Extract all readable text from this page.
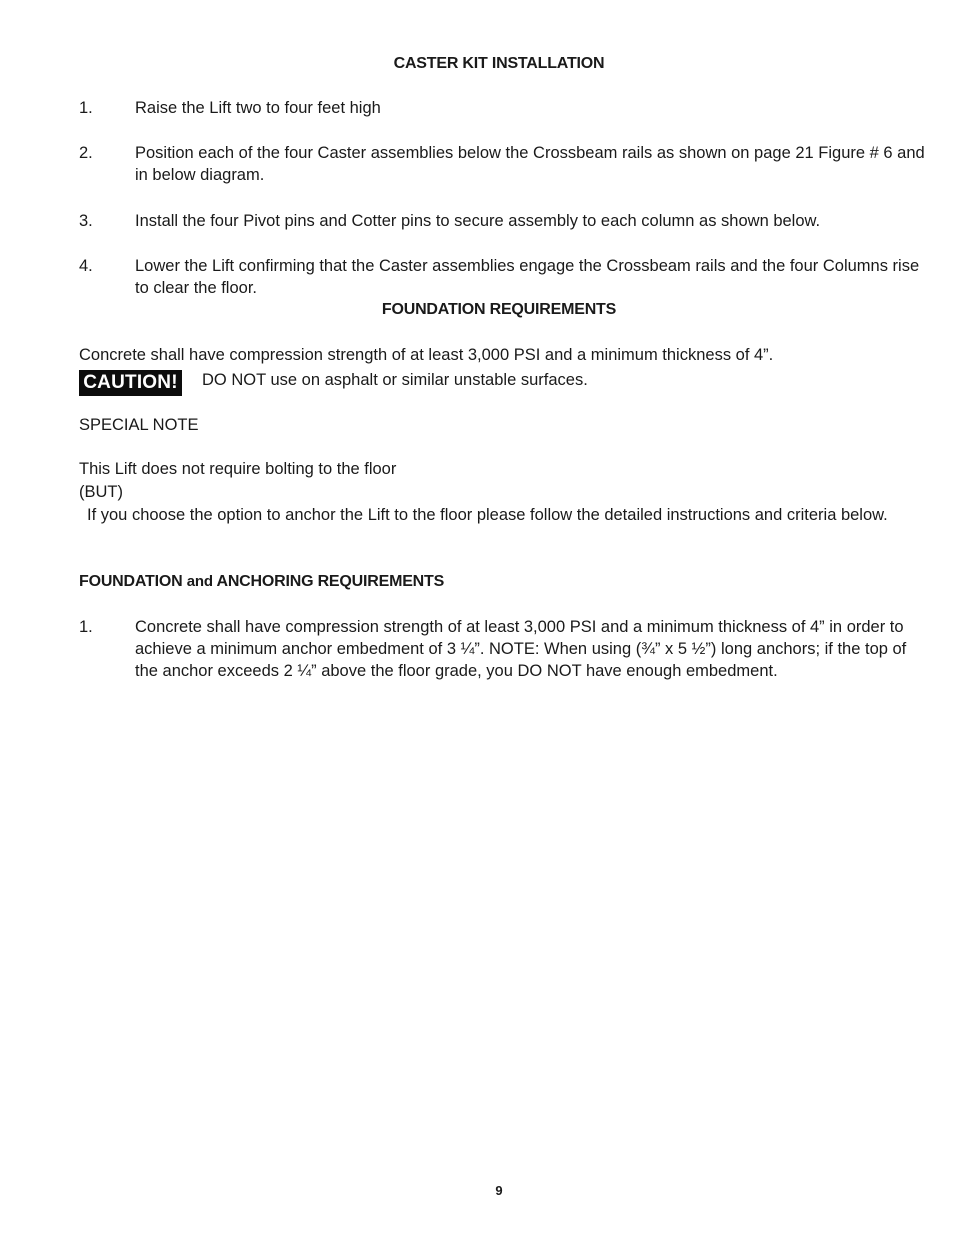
CASTER KIT INSTALLATION
1.	Raise the Lift two to four feet high
2.	Position each of the four Caster assemblies below the Crossbeam rails as shown on page 21 Figure # 6 and in below diagram.
3.	Install the four Pivot pins and Cotter pins to secure assembly to each column as shown below.
4.	Lower the Lift confirming that the Caster assemblies engage the Crossbeam rails and the four Columns rise to clear the floor.
FOUNDATION REQUIREMENTS
Concrete shall have compression strength of at least 3,000 PSI and a minimum thickness of 4”.
CAUTION! DO NOT use on asphalt or similar unstable surfaces.
SPECIAL NOTE
This Lift does not require bolting to the floor
(BUT)
If you choose the option to anchor the Lift to the floor please follow the detailed instructions and criteria below.
FOUNDATION and ANCHORING REQUIREMENTS
1.	Concrete shall have compression strength of at least 3,000 PSI and a minimum thickness of 4” in order to achieve a minimum anchor embedment of 3 ¼”. NOTE: When using (¾” x 5 ½”) long anchors; if the top of the anchor exceeds 2 ¼” above the floor grade, you DO NOT have enough embedment.
9
